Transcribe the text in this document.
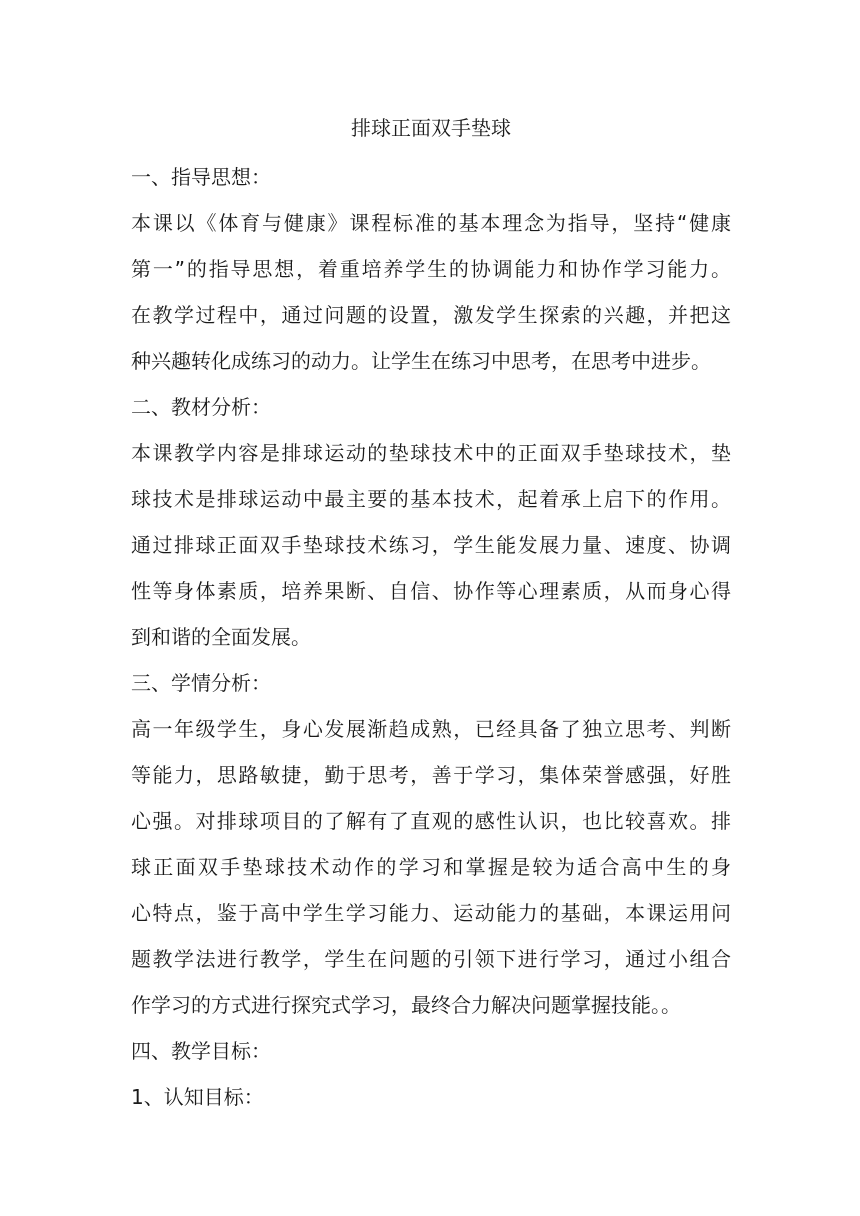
排球正面双手垫球
一、指导思想：

本课以《体育与健康》课程标准的基本理念为指导，坚持“健康

第一”的指导思想，着重培养学生的协调能力和协作学习能力。

在教学过程中，通过问题的设置，激发学生探索的兴趣，并把这

种兴趣转化成练习的动力。让学生在练习中思考，在思考中进步。

二、教材分析：

本课教学内容是排球运动的垫球技术中的正面双手垫球技术，垫

球技术是排球运动中最主要的基本技术，起着承上启下的作用。

通过排球正面双手垫球技术练习，学生能发展力量、速度、协调

性等身体素质，培养果断、自信、协作等心理素质，从而身心得

到和谐的全面发展。

三、学情分析：

高一年级学生，身心发展渐趋成熟，已经具备了独立思考、判断

等能力，思路敏捷，勤于思考，善于学习，集体荣誉感强，好胜

心强。对排球项目的了解有了直观的感性认识，也比较喜欢。排

球正面双手垫球技术动作的学习和掌握是较为适合高中生的身

心特点，鉴于高中学生学习能力、运动能力的基础，本课运用问

题教学法进行教学，学生在问题的引领下进行学习，通过小组合

作学习的方式进行探究式学习，最终合力解决问题掌握技能。。

四、教学目标：
1、认知目标：
